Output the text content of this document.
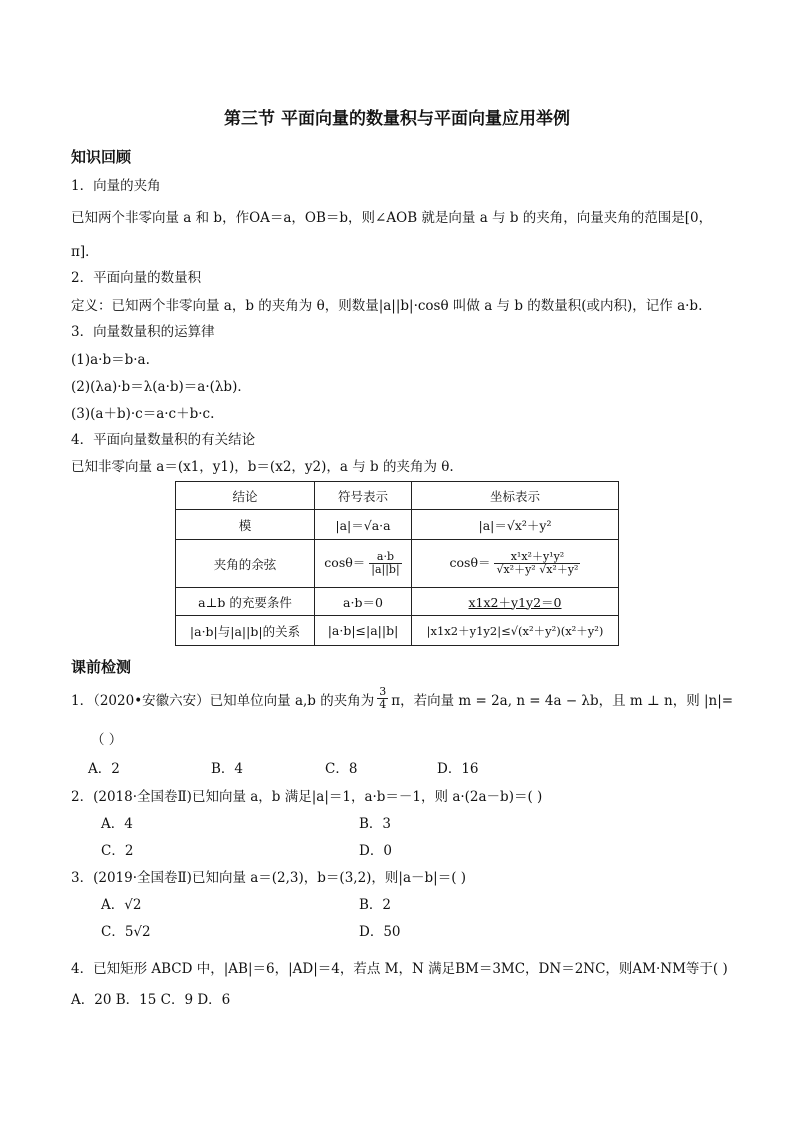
第三节 平面向量的数量积与平面向量应用举例
知识回顾
1．向量的夹角
已知两个非零向量 a 和 b，作OA＝a，OB＝b，则∠AOB 就是向量 a 与 b 的夹角，向量夹角的范围是[0，
π]．
2．平面向量的数量积
定义：已知两个非零向量 a，b 的夹角为 θ，则数量|a||b|·cosθ 叫做 a 与 b 的数量积(或内积)，记作 a·b.
3．向量数量积的运算律
(1)a·b＝b·a.
(2)(λa)·b＝λ(a·b)＝a·(λb)．
(3)(a＋b)·c＝a·c＋b·c.
4．平面向量数量积的有关结论
已知非零向量 a＝(x1，y1)，b＝(x2，y2)，a 与 b 的夹角为 θ.
结论	符号表示	坐标表示
模	|a|＝√a·a	|a|＝√x²＋y²
夹角的余弦	$\cos\theta= \frac{a\cdot b}{|a||b|}$	$\cos\theta= \frac{\text{x¹x²＋y¹y²}}{\text{√x²＋y² √x²＋y²}}$

a⊥b 的充要条件	a·b＝0	x1x2＋y1y2＝0
|a·b|与|a||b|的关系	|a·b|≤|a||b|	|x1x2＋y1y2|≤√(x²＋y²)(x²＋y²)
课前检测
1．（2020•安徽六安）已知单位向量 a,b 的夹角为 $\frac{3}{4}$ π，若向量 m = 2a, n = 4a − λb，且 m ⊥ n，则 |n|=
（ ）
A．2	B．4	C．8	D．16
2．(2018·全国卷Ⅱ)已知向量 a，b 满足|a|＝1，a·b＝－1，则 a·(2a－b)＝( )
A．4	B．3
C．2	D．0
3．(2019·全国卷Ⅱ)已知向量 a＝(2,3)，b＝(3,2)，则|a－b|＝( )
A．√2	B．2
C．5√2	D．50
4．已知矩形 ABCD 中，|AB|＝6，|AD|＝4，若点 M，N 满足BM＝3MC，DN＝2NC，则AM·NM等于( )
A．20 B．15 C．9 D．6
